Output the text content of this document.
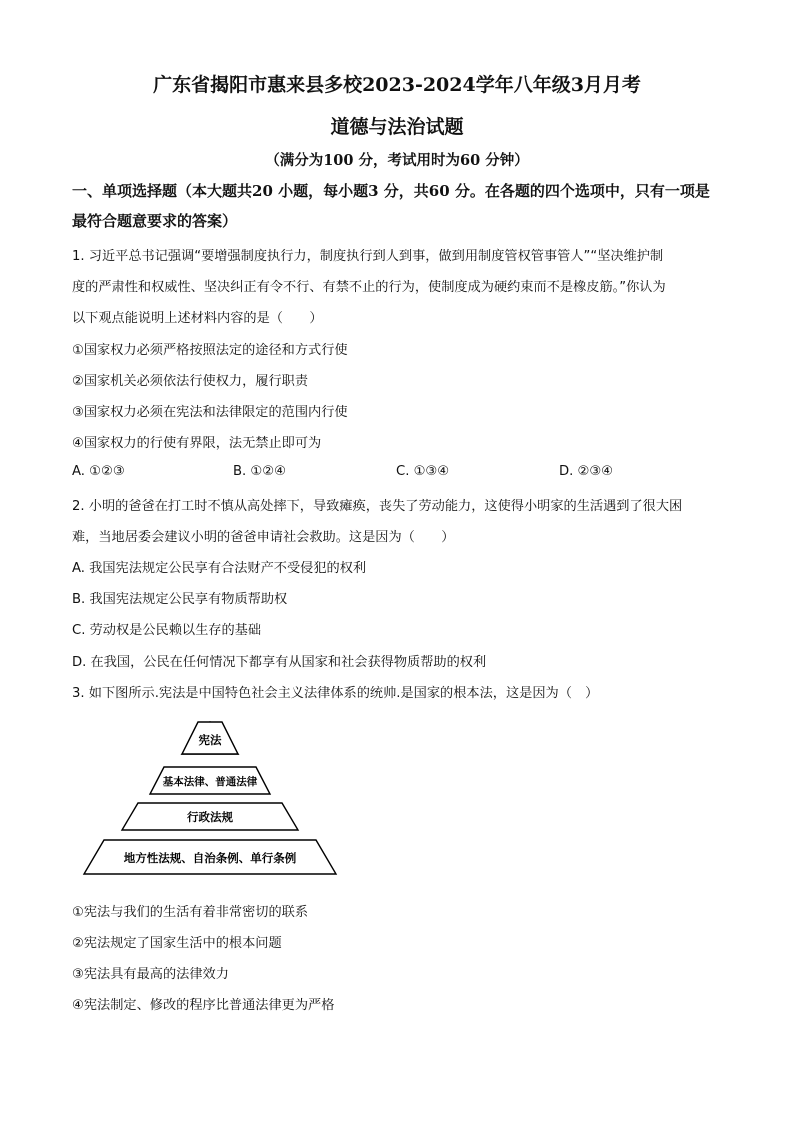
广东省揭阳市惠来县多校2023-2024学年八年级3月月考
道德与法治试题
（满分为100 分，考试用时为60 分钟）
一、单项选择题（本大题共20 小题，每小题3 分，共60 分。在各题的四个选项中，只有一项是最符合题意要求的答案）
1. 习近平总书记强调“要增强制度执行力，制度执行到人到事，做到用制度管权管事管人”“坚决维护制
度的严肃性和权威性、坚决纠正有令不行、有禁不止的行为，使制度成为硬约束而不是橡皮筋。”你认为
以下观点能说明上述材料内容的是（　　）
①国家权力必须严格按照法定的途径和方式行使
②国家机关必须依法行使权力，履行职责
③国家权力必须在宪法和法律限定的范围内行使
④国家权力的行使有界限，法无禁止即可为
A. ①②③	B. ①②④	C. ①③④	D. ②③④
2. 小明的爸爸在打工时不慎从高处摔下，导致瘫痪，丧失了劳动能力，这使得小明家的生活遇到了很大困
难，当地居委会建议小明的爸爸申请社会救助。这是因为（　　）
A. 我国宪法规定公民享有合法财产不受侵犯的权利
B. 我国宪法规定公民享有物质帮助权
C. 劳动权是公民赖以生存的基础
D. 在我国，公民在任何情况下都享有从国家和社会获得物质帮助的权利
3. 如下图所示.宪法是中国特色社会主义法律体系的统帅.是国家的根本法，这是因为（　）
宪法
基本法律、普通法律
行政法规
地方性法规、自治条例、单行条例
①宪法与我们的生活有着非常密切的联系
②宪法规定了国家生活中的根本问题
③宪法具有最高的法律效力
④宪法制定、修改的程序比普通法律更为严格
